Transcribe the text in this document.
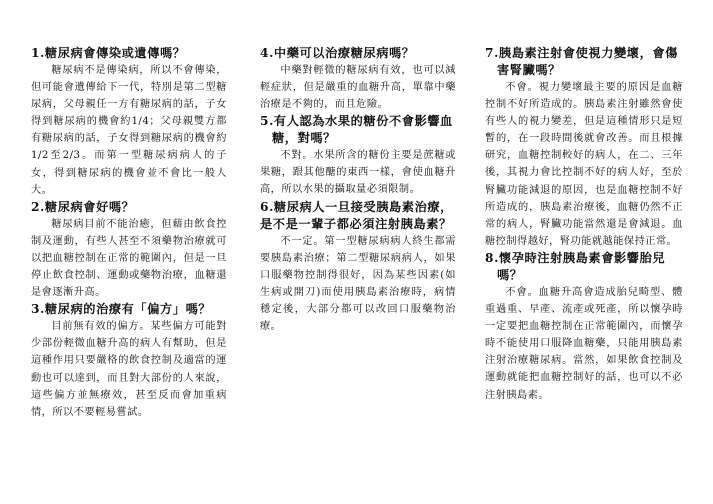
1.糖尿病會傳染或遺傳嗎？

糖尿病不是傳染病，所以不會傳染，但可能會遺傳給下一代，特別是第二型糖尿病，父母親任一方有糖尿病的話，子女得到糖尿病的機會約1/4；父母親雙方都有糖尿病的話，子女得到糖尿病的機會約1/2至2/3。而第一型糖尿病病人的子女，得到糖尿病的機會並不會比一般人大。

2.糖尿病會好嗎？

糖尿病目前不能治癒，但藉由飲食控制及運動，有些人甚至不須藥物治療就可以把血糖控制在正常的範圍內，但是一旦停止飲食控制、運動或藥物治療，血糖還是會逐漸升高。

3.糖尿病的治療有「偏方」嗎？

目前無有效的偏方。某些偏方可能對少部份輕微血糖升高的病人有幫助，但是這種作用只要嚴格的飲食控制及適當的運動也可以達到，而且對大部份的人來說，這些偏方並無療效，甚至反而會加重病情，所以不要輕易嘗試。

4.中藥可以治療糖尿病嗎？

中藥對輕微的糖尿病有效，也可以減輕症狀，但是嚴重的血糖升高，單靠中藥治療是不夠的，而且危險。

5.有人認為水果的糖份不會影響血糖，對嗎？

不對。水果所含的糖份主要是蔗糖或果糖，跟其他醣的東西一樣，會使血糖升高，所以水果的攝取量必須限制。

6.糖尿病人一旦接受胰島素治療，是不是一輩子都必須注射胰島素？

不一定。第一型糖尿病病人終生都需要胰島素治療；第二型糖尿病病人，如果口服藥物控制得很好，因為某些因素(如生病或開刀)而使用胰島素治療時，病情穩定後，大部分都可以改回口服藥物治療。

7.胰島素注射會使視力變壞，會傷害腎臟嗎？

不會。視力變壞最主要的原因是血糖控制不好所造成的。胰島素注射雖然會使有些人的視力變差，但是這種情形只是短暫的，在一段時間後就會改善。而且根據研究，血糖控制較好的病人，在二、三年後，其視力會比控制不好的病人好，至於腎臟功能減退的原因，也是血糖控制不好所造成的，胰島素治療後，血糖仍然不正常的病人，腎臟功能當然還是會減退。血糖控制得越好，腎功能就越能保持正常。

8.懷孕時注射胰島素會影響胎兒嗎？

不會。血糖升高會造成胎兒畸型、體重過重、早產、流產或死產，所以懷孕時一定要把血糖控制在正常範圍內，而懷孕時不能使用口服降血糖藥，只能用胰島素注射治療糖尿病。當然，如果飲食控制及運動就能把血糖控制好的話，也可以不必注射胰島素。
